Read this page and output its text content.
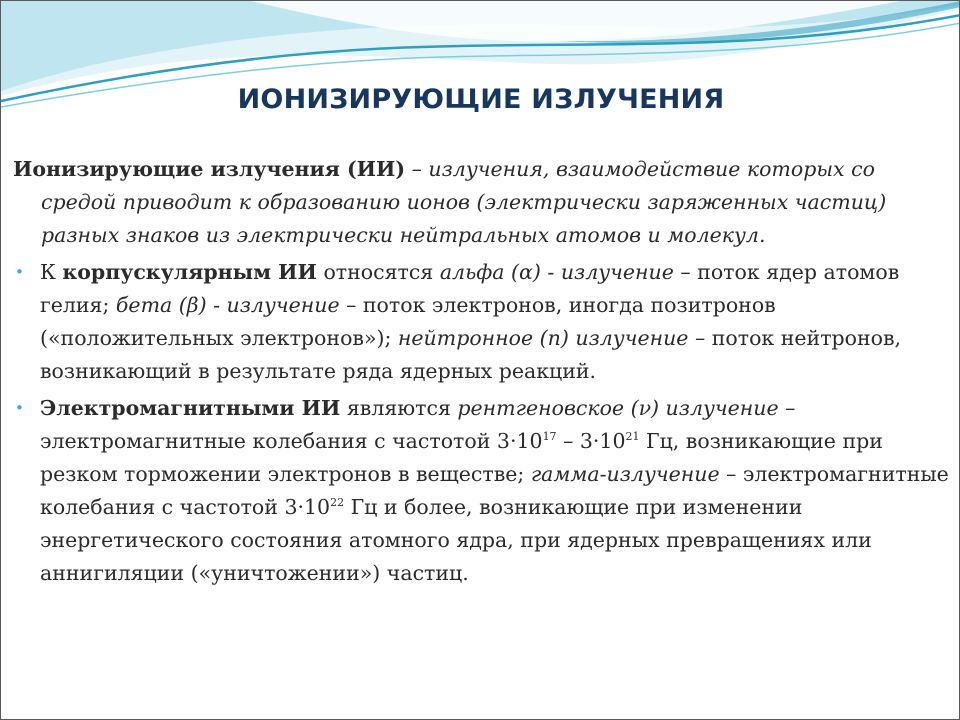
ИОНИЗИРУЮЩИЕ ИЗЛУЧЕНИЯ

Ионизирующие излучения (ИИ) – излучения, взаимодействие которых со
средой приводит к образованию ионов (электрически заряженных частиц) разных знаков из электрически нейтральных атомов и молекул.

• К корпускулярным ИИ относятся альфа (α) - излучение – поток ядер атомов гелия; бета (β) - излучение – поток электронов, иногда позитронов («положительных электронов»); нейтронное (n) излучение – поток нейтронов, возникающий в результате ряда ядерных реакций.
• Электромагнитными ИИ являются рентгеновское (ν) излучение – электромагнитные колебания с частотой $3\cdot 10^{17} - 3\cdot 10^{21}$ Гц, возникающие при резком торможении электронов в веществе; гамма-излучение – электромагнитные колебания с частотой $3\cdot 10^{22}$ Гц и более, возникающие при изменении энергетического состояния атомного ядра, при ядерных превращениях или аннигиляции («уничтожении») частиц.
